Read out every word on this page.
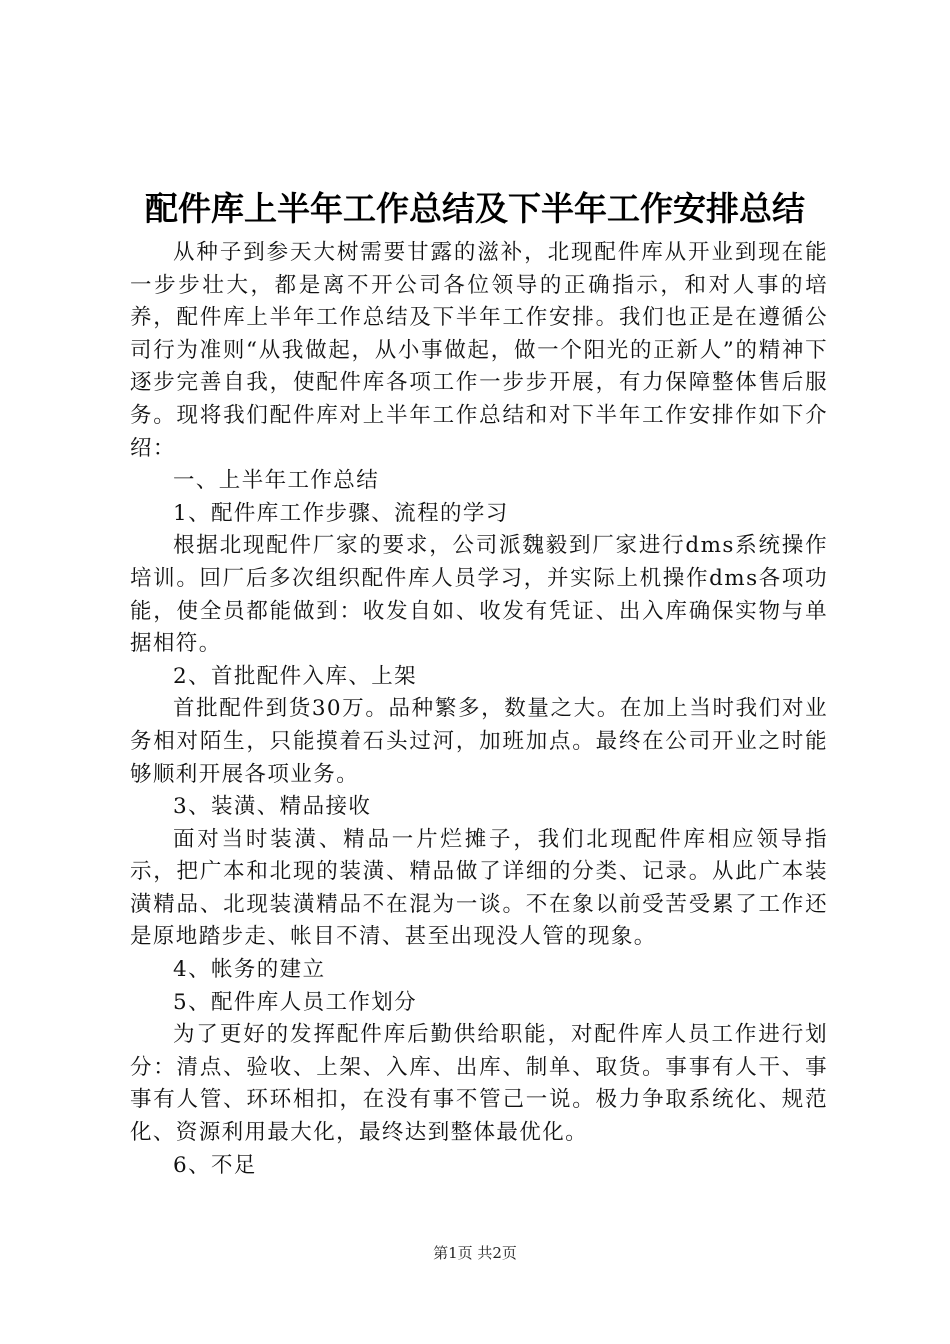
配件库上半年工作总结及下半年工作安排总结

从种子到参天大树需要甘露的滋补，北现配件库从开业到现在能一步步壮大，都是离不开公司各位领导的正确指示，和对人事的培养，配件库上半年工作总结及下半年工作安排。我们也正是在遵循公司行为准则“从我做起，从小事做起，做一个阳光的正新人”的精神下逐步完善自我，使配件库各项工作一步步开展，有力保障整体售后服务。现将我们配件库对上半年工作总结和对下半年工作安排作如下介绍：

一、上半年工作总结

1、配件库工作步骤、流程的学习

根据北现配件厂家的要求，公司派魏毅到厂家进行dms系统操作培训。回厂后多次组织配件库人员学习，并实际上机操作dms各项功能，使全员都能做到：收发自如、收发有凭证、出入库确保实物与单据相符。

2、首批配件入库、上架

首批配件到货30万。品种繁多，数量之大。在加上当时我们对业务相对陌生，只能摸着石头过河，加班加点。最终在公司开业之时能够顺利开展各项业务。

3、装潢、精品接收

面对当时装潢、精品一片烂摊子，我们北现配件库相应领导指示，把广本和北现的装潢、精品做了详细的分类、记录。从此广本装潢精品、北现装潢精品不在混为一谈。不在象以前受苦受累了工作还是原地踏步走、帐目不清、甚至出现没人管的现象。

4、帐务的建立

5、配件库人员工作划分

为了更好的发挥配件库后勤供给职能，对配件库人员工作进行划分：清点、验收、上架、入库、出库、制单、取货。事事有人干、事事有人管、环环相扣，在没有事不管己一说。极力争取系统化、规范化、资源利用最大化，最终达到整体最优化。

6、不足

第1页 共2页
